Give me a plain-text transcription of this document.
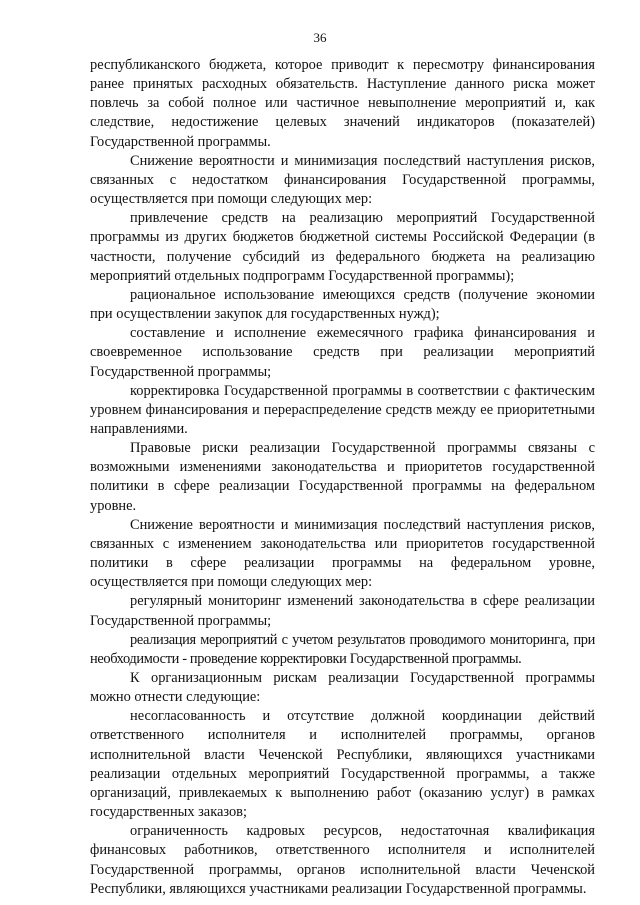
36

республиканского бюджета, которое приводит к пересмотру финансирования ранее принятых расходных обязательств. Наступление данного риска может повлечь за собой полное или частичное невыполнение мероприятий и, как следствие, недостижение целевых значений индикаторов (показателей) Государственной программы.

Снижение вероятности и минимизация последствий наступления рисков, связанных с недостатком финансирования Государственной программы, осуществляется при помощи следующих мер:

привлечение средств на реализацию мероприятий Государственной программы из других бюджетов бюджетной системы Российской Федерации (в частности, получение субсидий из федерального бюджета на реализацию мероприятий отдельных подпрограмм Государственной программы);

рациональное использование имеющихся средств (получение экономии при осуществлении закупок для государственных нужд);

составление и исполнение ежемесячного графика финансирования и своевременное использование средств при реализации мероприятий Государственной программы;

корректировка Государственной программы в соответствии с фактическим уровнем финансирования и перераспределение средств между ее приоритетными направлениями.

Правовые риски реализации Государственной программы связаны с возможными изменениями законодательства и приоритетов государственной политики в сфере реализации Государственной программы на федеральном уровне.

Снижение вероятности и минимизация последствий наступления рисков, связанных с изменением законодательства или приоритетов государственной политики в сфере реализации программы на федеральном уровне, осуществляется при помощи следующих мер:

регулярный мониторинг изменений законодательства в сфере реализации Государственной программы;

реализация мероприятий с учетом результатов проводимого мониторинга, при необходимости - проведение корректировки Государственной программы.

К организационным рискам реализации Государственной программы можно отнести следующие:

несогласованность и отсутствие должной координации действий ответственного исполнителя и исполнителей программы, органов исполнительной власти Чеченской Республики, являющихся участниками реализации отдельных мероприятий Государственной программы, а также организаций, привлекаемых к выполнению работ (оказанию услуг) в рамках государственных заказов;

ограниченность кадровых ресурсов, недостаточная квалификация финансовых работников, ответственного исполнителя и исполнителей Государственной программы, органов исполнительной власти Чеченской Республики, являющихся участниками реализации Государственной программы.
